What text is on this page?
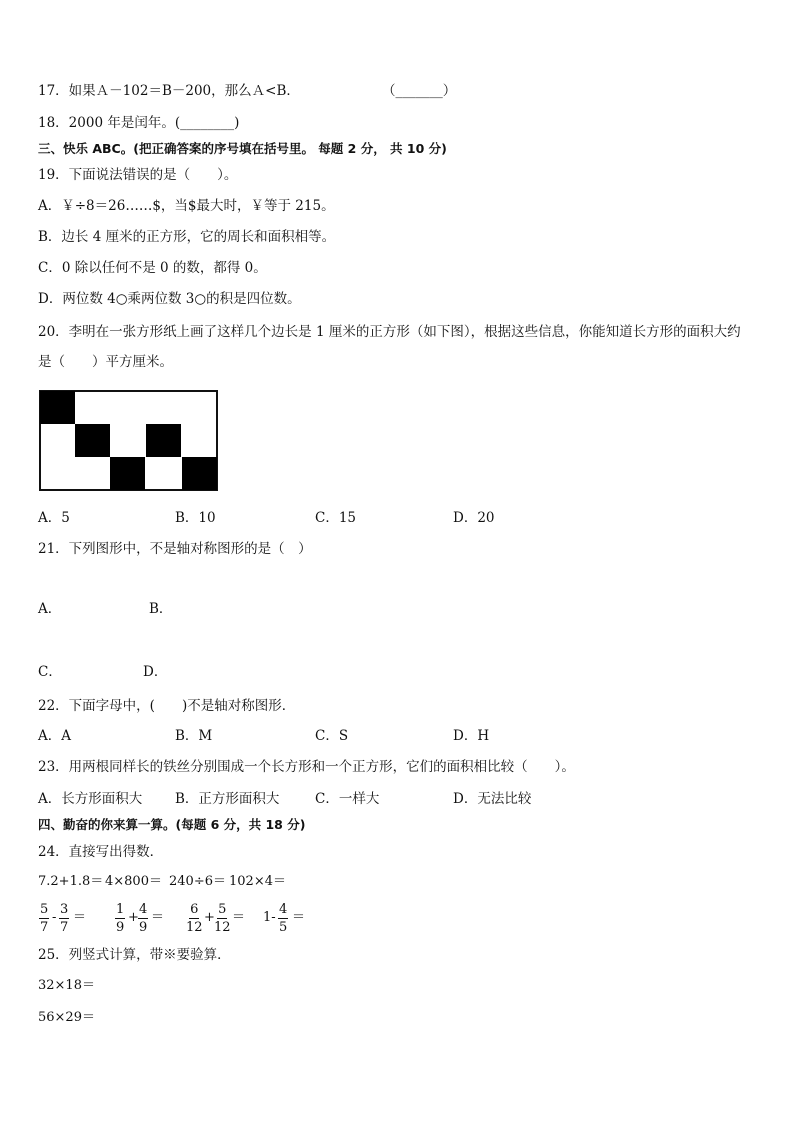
17．如果Ａ－102＝B－200，那么Ａ<B．	（_______）
18．2000 年是闰年。(________)
三、快乐 ABC。(把正确答案的序号填在括号里。 每题 2 分， 共 10 分)
19．下面说法错误的是（　　）。
A．￥÷8＝26……$，当$最大时，￥等于 215。
B．边长 4 厘米的正方形，它的周长和面积相等。
C．0 除以任何不是 0 的数，都得 0。
D．两位数 4○乘两位数 3○的积是四位数。
20．李明在一张方形纸上画了这样几个边长是 1 厘米的正方形（如下图），根据这些信息，你能知道长方形的面积大约
是（　　）平方厘米。
A．5	B．10	C．15	D．20
21．下列图形中，不是轴对称图形的是（　）
A．	B．
C．	D．
22．下面字母中，(　　)不是轴对称图形．
A．A	B．M	C．S	D．H
23．用两根同样长的铁丝分别围成一个长方形和一个正方形，它们的面积相比较（　　）。
A．长方形面积大 B．正方形面积大	C．一样大	D．无法比较
四、勤奋的你来算一算。(每题 6 分，共 18 分)
24．直接写出得数．
7.2+1.8＝ 4×800＝ 240÷6＝ 102×4＝
$\frac{5}{7} - \frac{3}{7} = \frac{1}{9} + \frac{4}{9} = \frac{6}{12} + \frac{5}{12} = 1- \frac{4}{5}$ ＝
25．列竖式计算，带※要验算．
32×18＝
56×29＝
